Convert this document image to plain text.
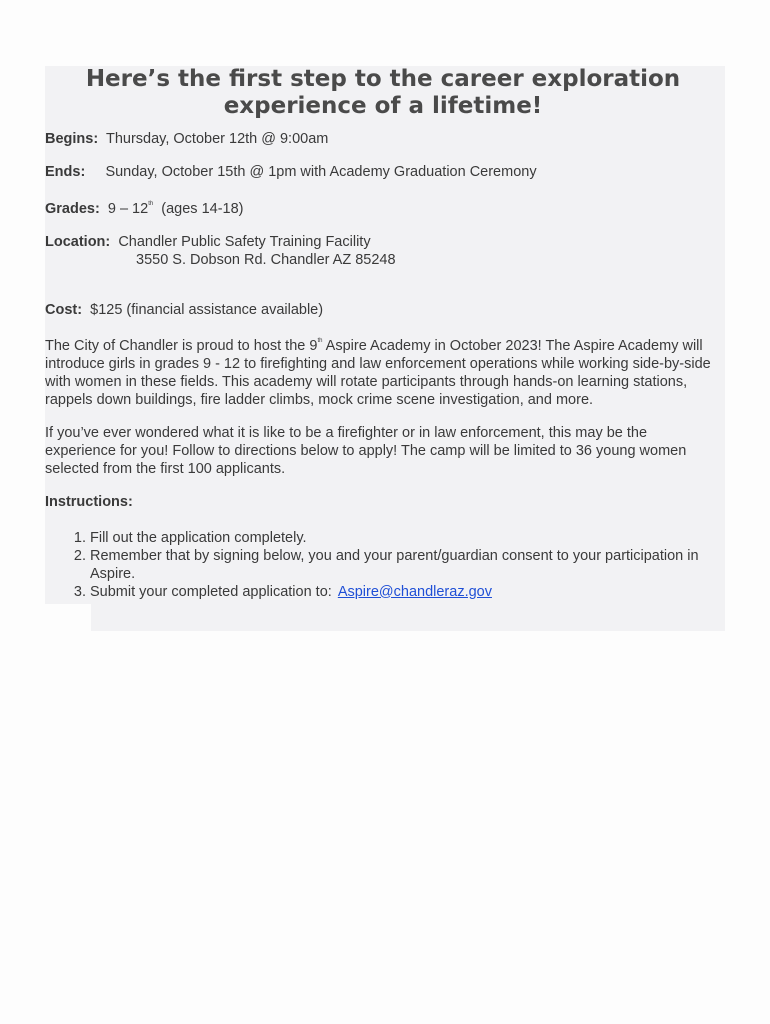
Here’s the first step to the career exploration experience of a lifetime!

Begins: Thursday, October 12th @ 9:00am

Ends: Sunday, October 15th @ 1pm with Academy Graduation Ceremony

Grades: 9 – 12th (ages 14-18)

Location: Chandler Public Safety Training Facility
3550 S. Dobson Rd. Chandler AZ 85248

Cost: $125 (financial assistance available)

The City of Chandler is proud to host the 9th Aspire Academy in October 2023! The Aspire Academy will introduce girls in grades 9 - 12 to firefighting and law enforcement operations while working side-by-side with women in these fields. This academy will rotate participants through hands-on learning stations, rappels down buildings, fire ladder climbs, mock crime scene investigation, and more.

If you’ve ever wondered what it is like to be a firefighter or in law enforcement, this may be the experience for you! Follow to directions below to apply! The camp will be limited to 36 young women selected from the first 100 applicants.

Instructions:

1. Fill out the application completely.
2. Remember that by signing below, you and your parent/guardian consent to your participation in Aspire.
3. Submit your completed application to: Aspire@chandleraz.gov
